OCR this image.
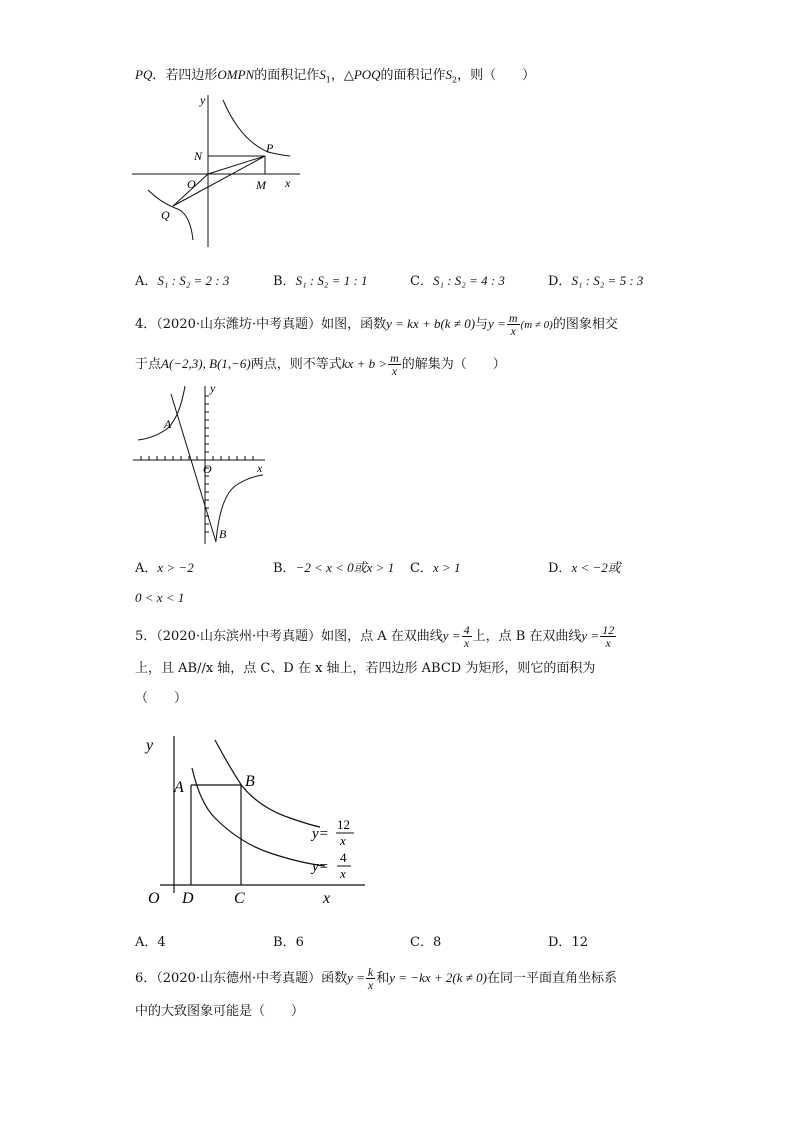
PQ．若四边形OMPN的面积记作$S_1$，△POQ的面积记作$S_2$，则（　　）
y
N
P
O	M x
Q
A．S₁ : S₂ = 2 : 3	B．S₁ : S₂ = 1 : 1	C．S₁ : S₂ = 4 : 3	D．S₁ : S₂ = 5 : 3
4．（2020·山东潍坊·中考真题）如图，函数y = kx + b(k ≠ 0)与$y = \frac{m}{x} (m \ne 0)$的图象相交
于点A(−2,3), B(1,−6)两点，则不等式kx + $b > \frac{m}{x}$ 的解集为（　　）
y
A
O	x
B
A．x > −2	B．−2 < x < 0或x > 1 C．x > 1	D．x < −2或
0 < x < 1
5．（2020·山东滨州·中考真题）如图，点 A 在双曲线$y = \frac{4}{x}$ 上，点 B 在双曲线$y = \frac{12}{x}$
上，且 AB//x 轴，点 C、D 在 x 轴上，若四边形 ABCD 为矩形，则它的面积为
（　　）
y
A	B
O D	C	x
y=
12
x
y=
4
x
A．4	B．6	C．8	D．12
6．（2020·山东德州·中考真题）函数$y = \frac{k}{x}$ 和y = −kx + 2(k ≠ 0)在同一平面直角坐标系
中的大致图象可能是（　　）
